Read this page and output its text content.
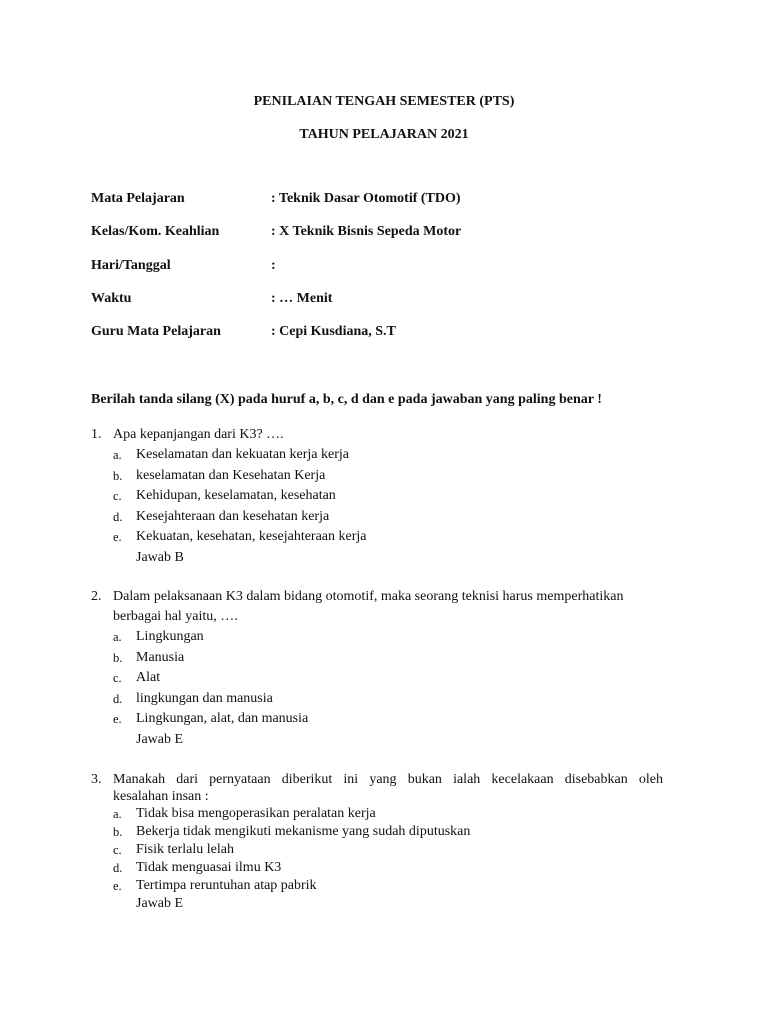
PENILAIAN TENGAH SEMESTER (PTS)
TAHUN PELAJARAN 2021
Mata Pelajaran	: Teknik Dasar Otomotif (TDO)
Kelas/Kom. Keahlian	: X Teknik Bisnis Sepeda Motor
Hari/Tanggal	:
Waktu	: … Menit
Guru Mata Pelajaran	: Cepi Kusdiana, S.T
Berilah tanda silang (X) pada huruf a, b, c, d dan e pada jawaban yang paling benar !
1. Apa kepanjangan dari K3? ….
a. Keselamatan dan kekuatan kerja kerja
b. keselamatan dan Kesehatan Kerja
c. Kehidupan, keselamatan, kesehatan
d. Kesejahteraan dan kesehatan kerja
e. Kekuatan, kesehatan, kesejahteraan kerja
Jawab B
2. Dalam pelaksanaan K3 dalam bidang otomotif, maka seorang teknisi harus memperhatikan berbagai hal yaitu, ….
a. Lingkungan
b. Manusia
c. Alat
d. lingkungan dan manusia
e. Lingkungan, alat, dan manusia
Jawab E
3. Manakah dari pernyataan diberikut ini yang bukan ialah kecelakaan disebabkan oleh
kesalahan insan :
a. Tidak bisa mengoperasikan peralatan kerja
b. Bekerja tidak mengikuti mekanisme yang sudah diputuskan
c. Fisik terlalu lelah
d. Tidak menguasai ilmu K3
e. Tertimpa reruntuhan atap pabrik
Jawab E
